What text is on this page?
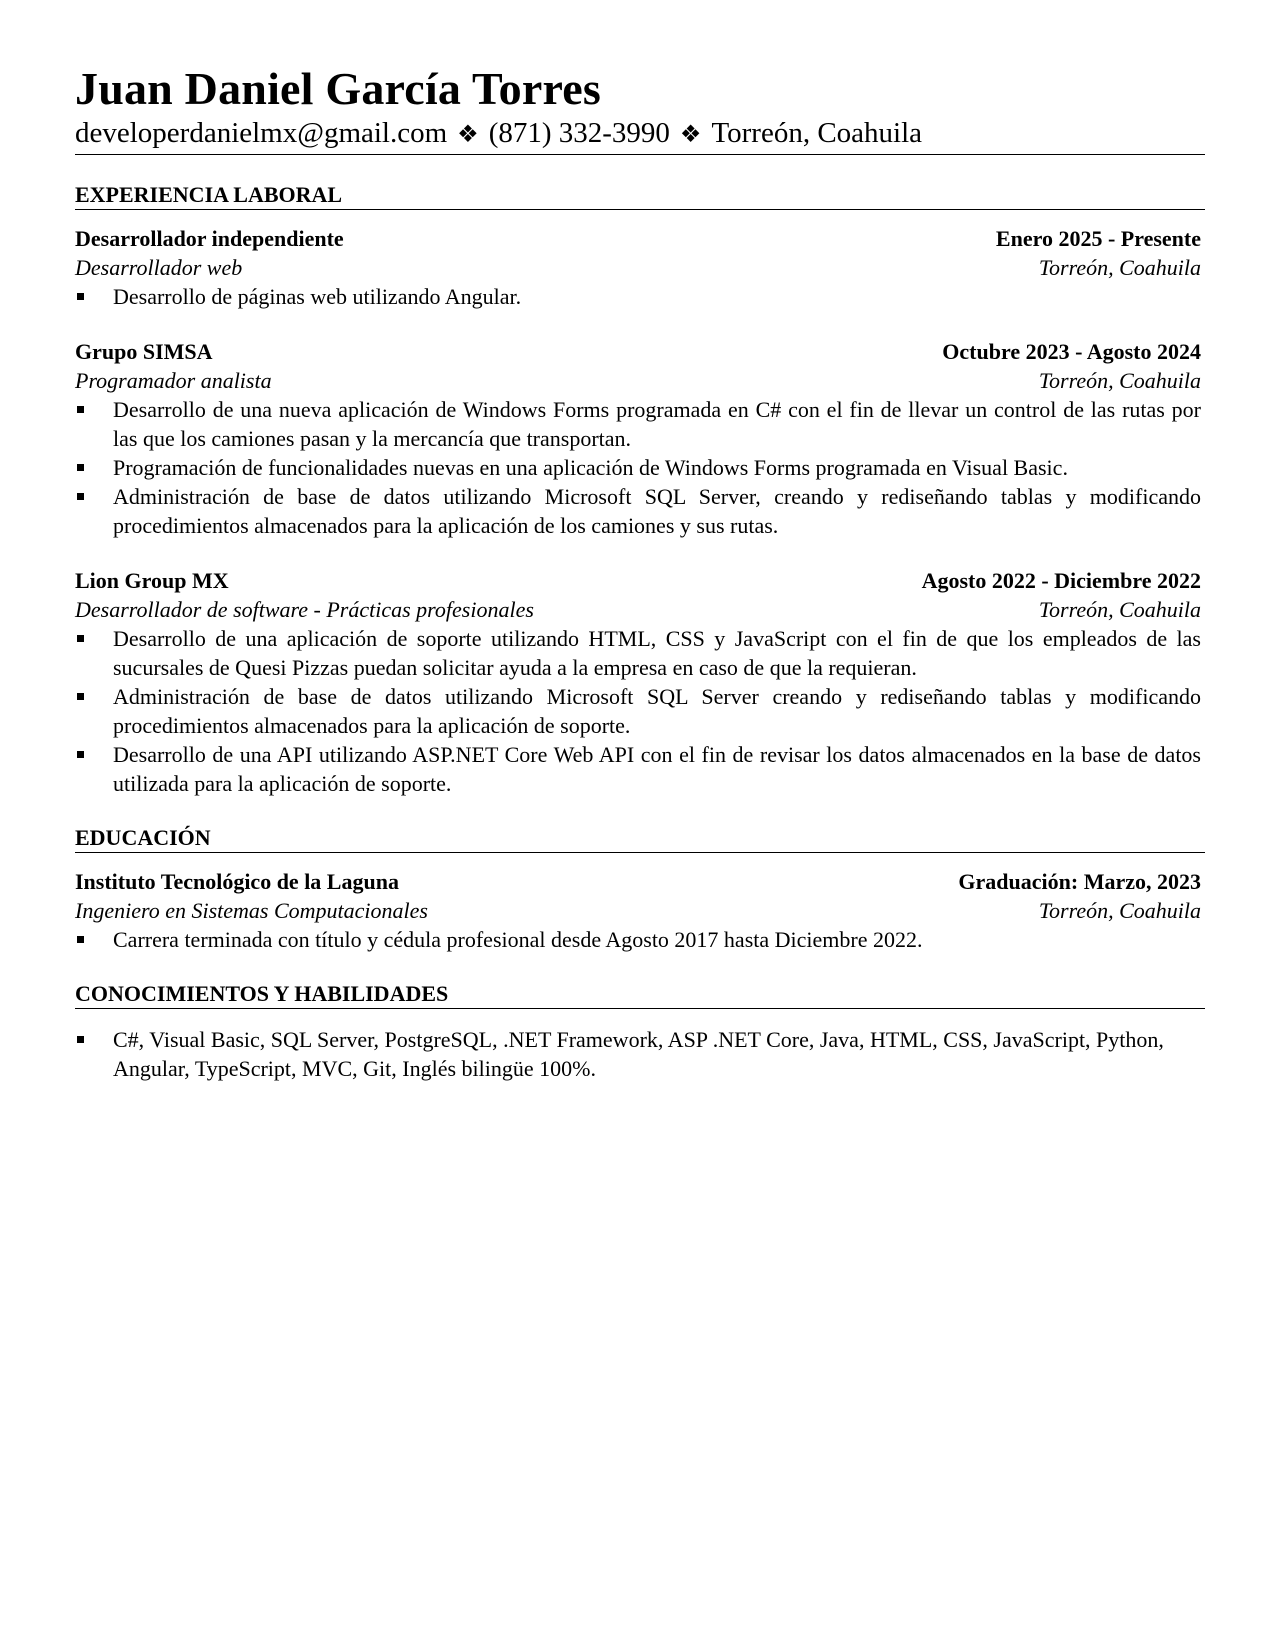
Juan Daniel García Torres
developerdanielmx@gmail.com ❖ (871) 332-3990 ❖ Torreón, Coahuila
EXPERIENCIA LABORAL
Desarrollador independiente	Enero 2025 - Presente
Desarrollador web	Torreón, Coahuila
Desarrollo de páginas web utilizando Angular.
Grupo SIMSA	Octubre 2023 - Agosto 2024
Programador analista	Torreón, Coahuila
Desarrollo de una nueva aplicación de Windows Forms programada en C# con el fin de llevar un control de las rutas por las que los camiones pasan y la mercancía que transportan.
Programación de funcionalidades nuevas en una aplicación de Windows Forms programada en Visual Basic.
Administración de base de datos utilizando Microsoft SQL Server, creando y rediseñando tablas y modificando procedimientos almacenados para la aplicación de los camiones y sus rutas.
Lion Group MX	Agosto 2022 - Diciembre 2022
Desarrollador de software - Prácticas profesionales	Torreón, Coahuila
Desarrollo de una aplicación de soporte utilizando HTML, CSS y JavaScript con el fin de que los empleados de las sucursales de Quesi Pizzas puedan solicitar ayuda a la empresa en caso de que la requieran.
Administración de base de datos utilizando Microsoft SQL Server creando y rediseñando tablas y modificando procedimientos almacenados para la aplicación de soporte.
Desarrollo de una API utilizando ASP.NET Core Web API con el fin de revisar los datos almacenados en la base de datos utilizada para la aplicación de soporte.
EDUCACIÓN
Instituto Tecnológico de la Laguna	Graduación: Marzo, 2023
Ingeniero en Sistemas Computacionales	Torreón, Coahuila
Carrera terminada con título y cédula profesional desde Agosto 2017 hasta Diciembre 2022.
CONOCIMIENTOS Y HABILIDADES
C#, Visual Basic, SQL Server, PostgreSQL, .NET Framework, ASP .NET Core, Java, HTML, CSS, JavaScript, Python, Angular, TypeScript, MVC, Git, Inglés bilingüe 100%.
